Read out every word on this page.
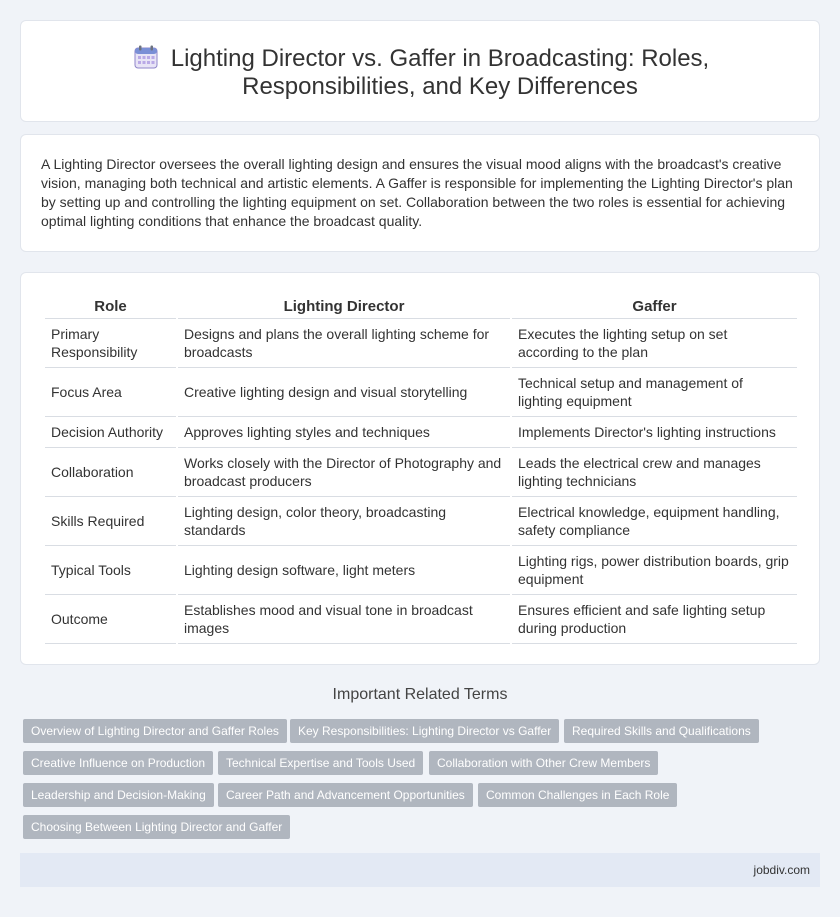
Lighting Director vs. Gaffer in Broadcasting: Roles, Responsibilities, and Key Differences

A Lighting Director oversees the overall lighting design and ensures the visual mood aligns with the broadcast's creative vision, managing both technical and artistic elements. A Gaffer is responsible for implementing the Lighting Director's plan by setting up and controlling the lighting equipment on set. Collaboration between the two roles is essential for achieving optimal lighting conditions that enhance the broadcast quality.

Role	Lighting Director	Gaffer
Primary Responsibility	Designs and plans the overall lighting scheme for broadcasts	Executes the lighting setup on set according to the plan
Focus Area	Creative lighting design and visual storytelling	Technical setup and management of lighting equipment
Decision Authority	Approves lighting styles and techniques	Implements Director's lighting instructions
Collaboration	Works closely with the Director of Photography and broadcast producers	Leads the electrical crew and manages lighting technicians
Skills Required	Lighting design, color theory, broadcasting standards	Electrical knowledge, equipment handling, safety compliance
Typical Tools	Lighting design software, light meters	Lighting rigs, power distribution boards, grip equipment
Outcome	Establishes mood and visual tone in broadcast images	Ensures efficient and safe lighting setup during production
Important Related Terms
Overview of Lighting Director and Gaffer Roles	Key Responsibilities: Lighting Director vs Gaffer	Required Skills and Qualifications
Creative Influence on Production	Technical Expertise and Tools Used	Collaboration with Other Crew Members
Leadership and Decision-Making	Career Path and Advancement Opportunities	Common Challenges in Each Role
Choosing Between Lighting Director and Gaffer
jobdiv.com
